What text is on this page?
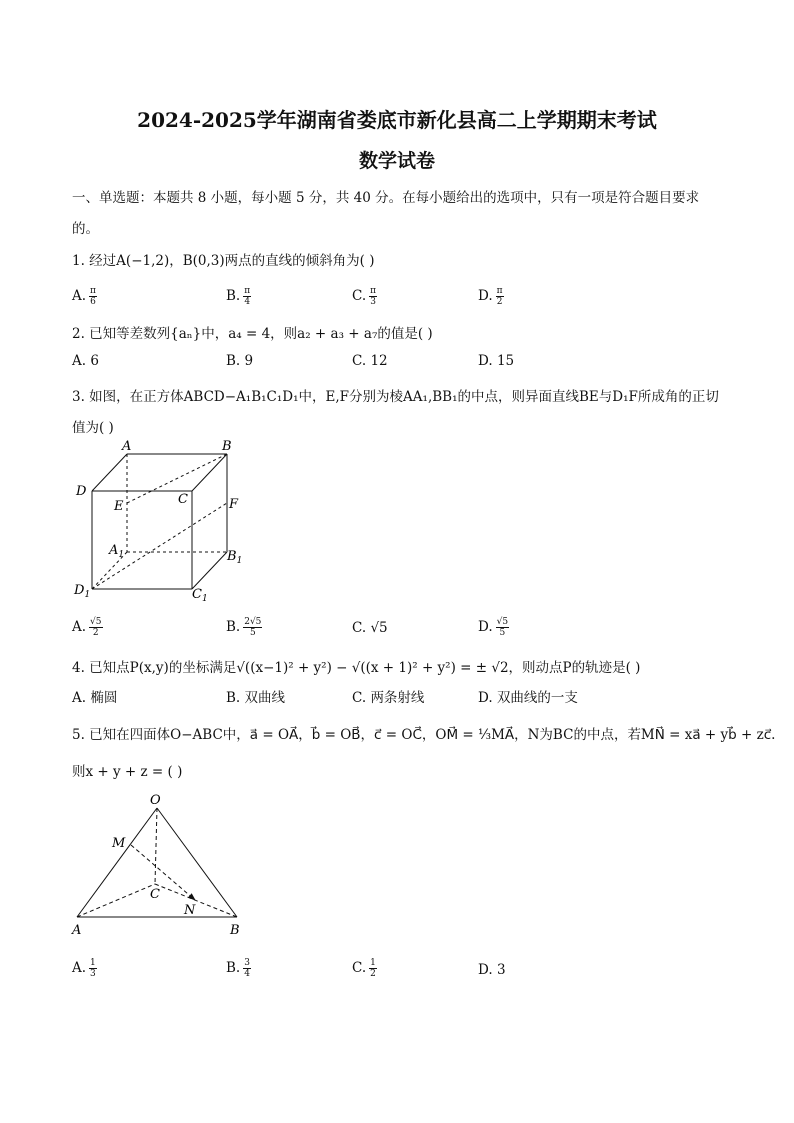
2024-2025学年湖南省娄底市新化县高二上学期期末考试
数学试卷
一、单选题：本题共 8 小题，每小题 5 分，共 40 分。在每小题给出的选项中，只有一项是符合题目要求
的。
1. 经过A(−1,2)，B(0,3)两点的直线的倾斜角为( )
A. $\frac{\pi}{6}$	B. $\frac{\pi}{4}$	C. $\frac{\pi}{3}$	D. $\frac{\pi}{2}$
2. 已知等差数列{aₙ}中，a₄ = 4，则a₂ + a₃ + a₇的值是( )
A. 6	B. 9	C. 12	D. 15
3. 如图，在正方体ABCD−A₁B₁C₁D₁中，E,F分别为棱AA₁,BB₁的中点，则异面直线BE与D₁F所成角的正切
值为( )
A	B
D
C
E	F
$A_1$	$B_1$
$D_1$	$C_1$
A. $\frac{√5}{2}$	B. $\frac{2√5}{5}$	C. √5	D. $\frac{√5}{5}$
4. 已知点P(x,y)的坐标满足√((x−1)² + y²) − √((x + 1)² + y²) = ± √2，则动点P的轨迹是( )
A. 椭圆	B. 双曲线	C. 两条射线	D. 双曲线的一支
5. 已知在四面体O−ABC中，a⃗ = OA⃗，b⃗ = OB⃗，c⃗ = OC⃗，OM⃗ = ⅓MA⃗，N为BC的中点，若MN⃗ = xa⃗ + yb⃗ + zc⃗.
则x + y + z = ( )
O
M
C
N
A	B
A. $\frac{1}{3}$	B. $\frac{3}{4}$	C. $\frac{1}{2}$	D. 3
